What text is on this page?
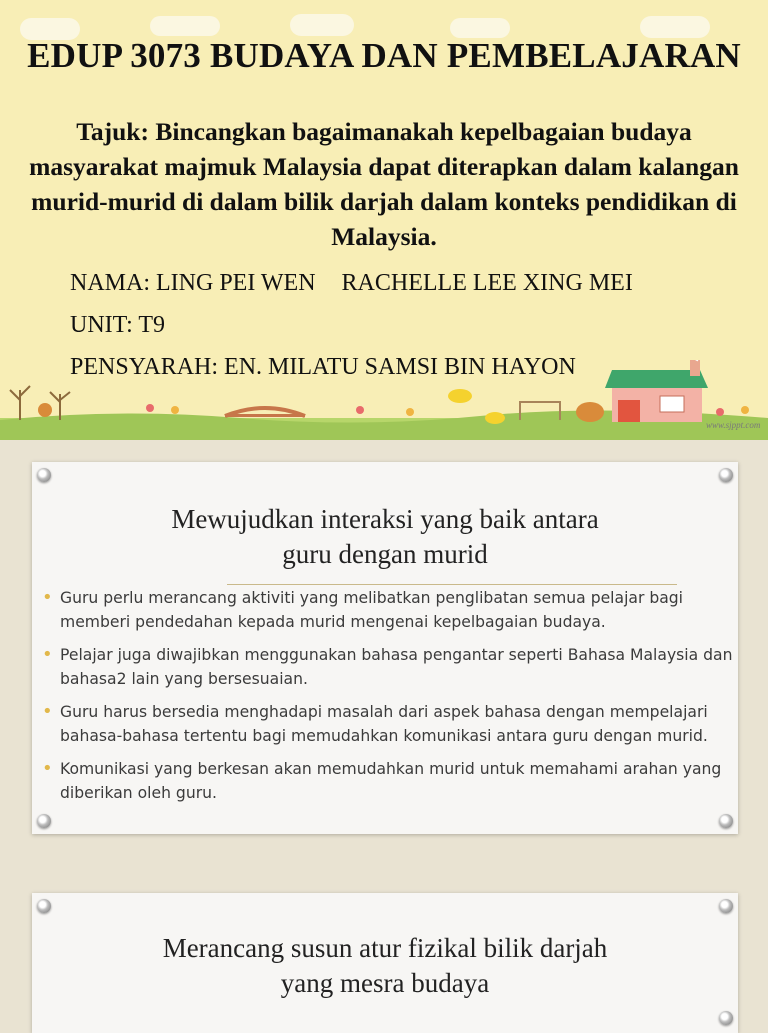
EDUP 3073 BUDAYA DAN PEMBELAJARAN
Tajuk: Bincangkan bagaimanakah kepelbagaian budaya masyarakat majmuk Malaysia dapat diterapkan dalam kalangan murid-murid di dalam bilik darjah dalam konteks pendidikan di Malaysia.
NAMA: LING PEI WEN RACHELLE LEE XING MEI
UNIT: T9
PENSYARAH: EN. MILATU SAMSI BIN HAYON
www.sjppt.com
Mewujudkan interaksi yang baik antara
guru dengan murid
• Guru perlu merancang aktiviti yang melibatkan penglibatan semua pelajar bagi memberi pendedahan kepada murid mengenai kepelbagaian budaya.
• Pelajar juga diwajibkan menggunakan bahasa pengantar seperti Bahasa Malaysia dan bahasa2 lain yang bersesuaian.
• Guru harus bersedia menghadapi masalah dari aspek bahasa dengan mempelajari bahasa-bahasa tertentu bagi memudahkan komunikasi antara guru dengan murid.
• Komunikasi yang berkesan akan memudahkan murid untuk memahami arahan yang diberikan oleh guru.
Merancang susun atur fizikal bilik darjah
yang mesra budaya
